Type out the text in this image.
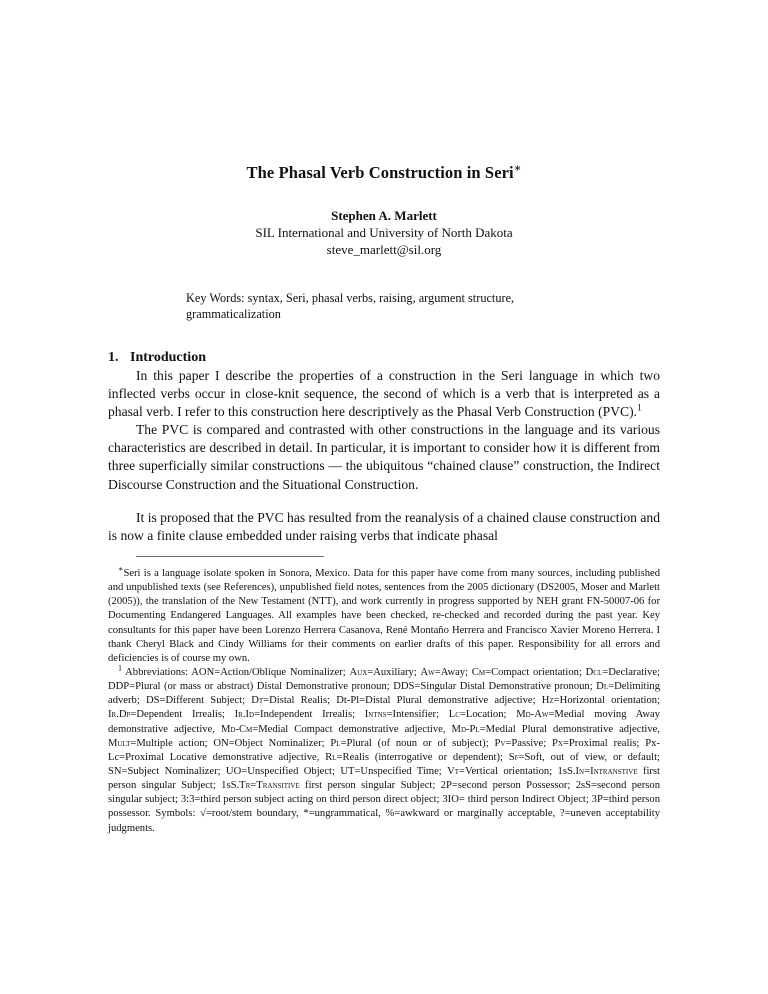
The Phasal Verb Construction in Seri∗

Stephen A. Marlett

SIL International and University of North Dakota

steve_marlett@sil.org

Key Words: syntax, Seri, phasal verbs, raising, argument structure, grammaticalization

1. Introduction

In this paper I describe the properties of a construction in the Seri language in which two inflected verbs occur in close-knit sequence, the second of which is a verb that is interpreted as a phasal verb. I refer to this construction here descriptively as the Phasal Verb Construction (PVC).$^1$

The PVC is compared and contrasted with other constructions in the language and its various characteristics are described in detail. In particular, it is important to consider how it is different from three superficially similar constructions — the ubiquitous “chained clause” construction, the Indirect Discourse Construction and the Situational Construction.

It is proposed that the PVC has resulted from the reanalysis of a chained clause construction and is now a finite clause embedded under raising verbs that indicate phasal

∗Seri is a language isolate spoken in Sonora, Mexico. Data for this paper have come from many sources, including published and unpublished texts (see References), unpublished field notes, sentences from the 2005 dictionary (DS2005, Moser and Marlett (2005)), the translation of the New Testament (NTT), and work currently in progress supported by NEH grant FN-50007-06 for Documenting Endangered Languages. All examples have been checked, re-checked and recorded during the past year. Key consultants for this paper have been Lorenzo Herrera Casanova, René Montaño Herrera and Francisco Xavier Moreno Herrera. I thank Cheryl Black and Cindy Williams for their comments on earlier drafts of this paper. Responsibility for all errors and deficiencies is of course my own.

$^1$ Abbreviations: AON=Action/Oblique Nominalizer; Aux=Auxiliary; Aw=Away; Cm=Compact orientation; Dcl=Declarative; DDP=Plural (or mass or abstract) Distal Demonstrative pronoun; DDS=Singular Distal Demonstrative pronoun; Dl=Delimiting adverb; DS=Different Subject; Dt=Distal Realis; Dt-Pl=Distal Plural demonstrative adjective; Hz=Horizontal orientation; Ir.Dp=Dependent Irrealis; Ir.Id=Independent Irrealis; Intns=Intensifier; Lc=Location; Md-Aw=Medial moving Away demonstrative adjective, Md-Cm=Medial Compact demonstrative adjective, Md-Pl=Medial Plural demonstrative adjective, Mult=Multiple action; ON=Object Nominalizer; Pl=Plural (of noun or of subject); Pv=Passive; Px=Proximal realis; Px-Lc=Proximal Locative demonstrative adjective, Rl=Realis (interrogative or dependent); Sf=Soft, out of view, or default; SN=Subject Nominalizer; UO=Unspecified Object; UT=Unspecified Time; Vt=Vertical orientation; 1sS.In=Intranstive first person singular Subject; 1sS.Tr=Transitive first person singular Subject; 2P=second person Possessor; 2sS=second person singular subject; 3:3=third person subject acting on third person direct object; 3IO= third person Indirect Object; 3P=third person possessor. Symbols: √=root/stem boundary, *=ungrammatical, %=awkward or marginally acceptable, ?=uneven acceptability judgments.
